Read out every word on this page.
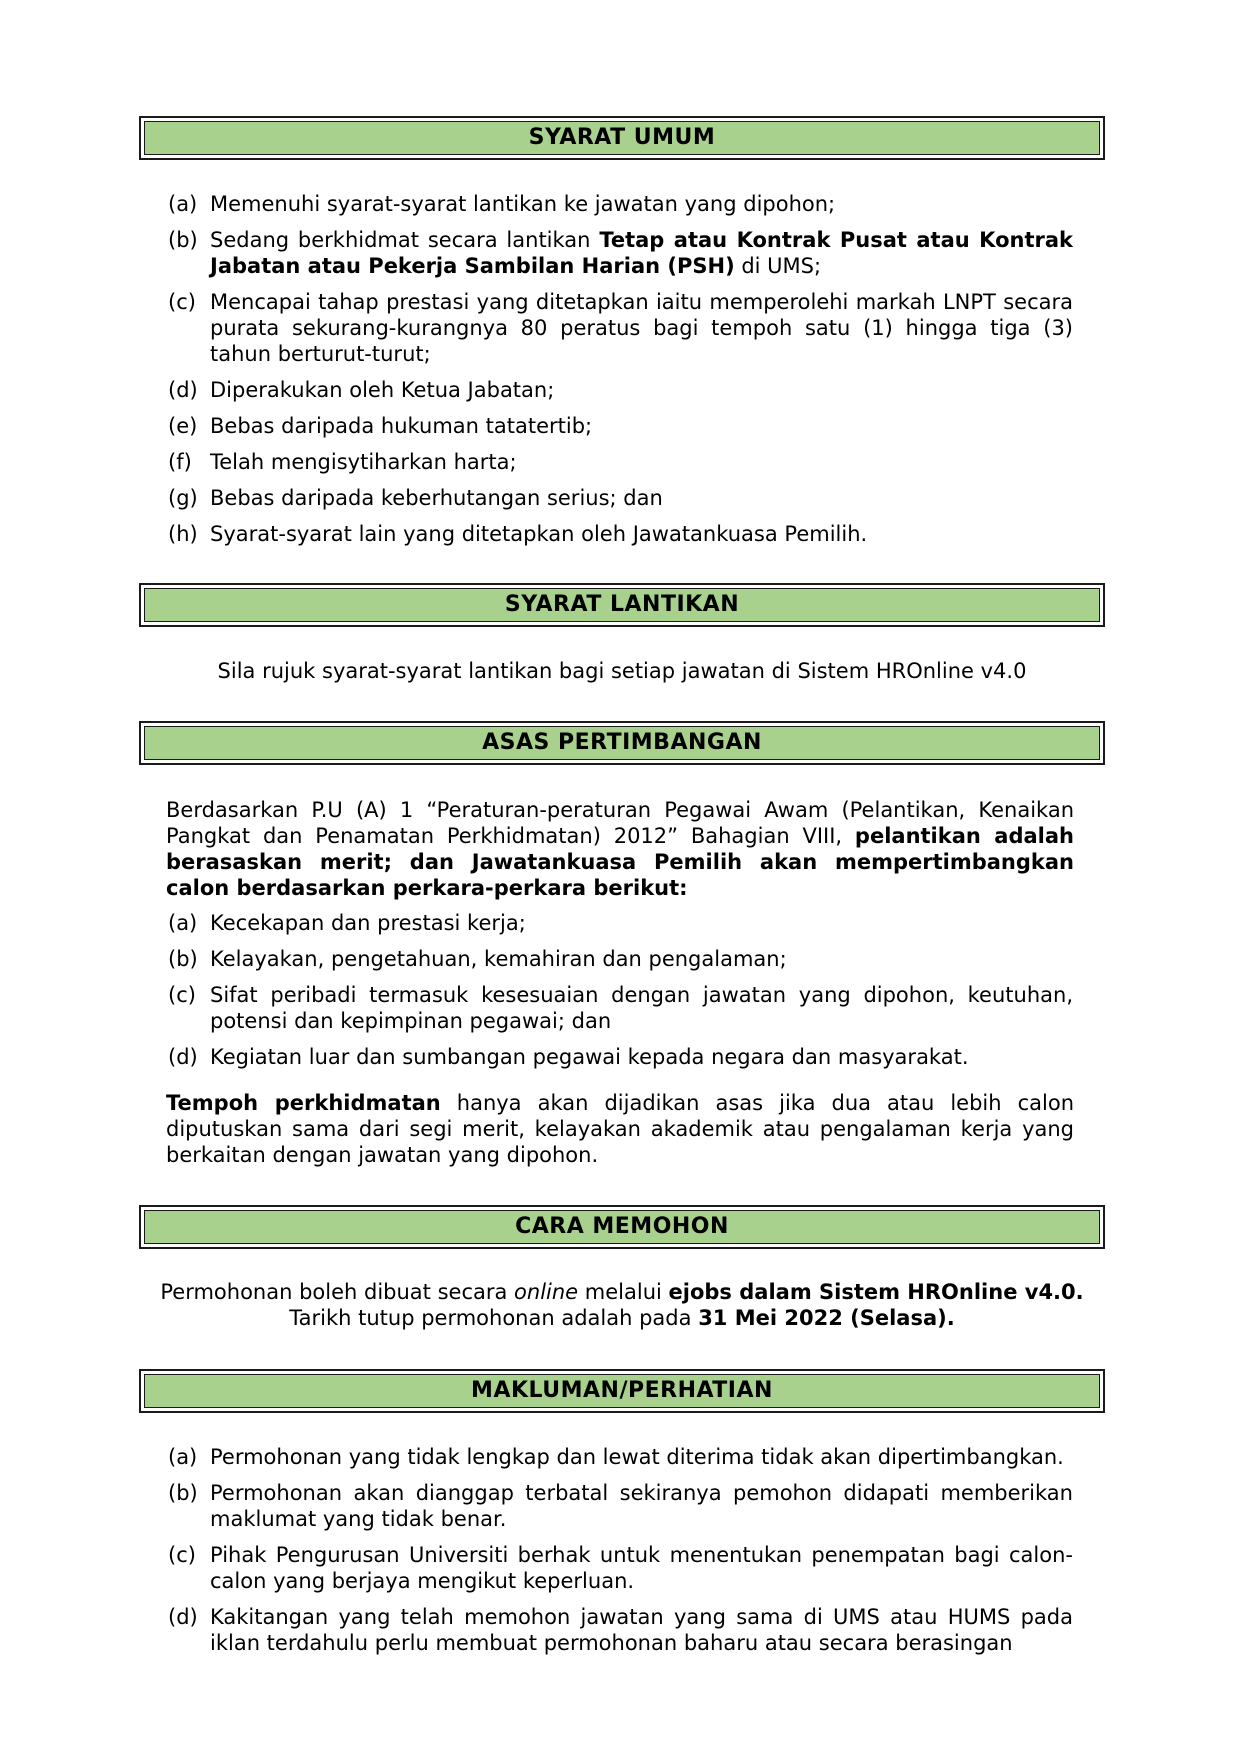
SYARAT UMUM
(a) Memenuhi syarat-syarat lantikan ke jawatan yang dipohon;
(b) Sedang berkhidmat secara lantikan Tetap atau Kontrak Pusat atau Kontrak Jabatan atau Pekerja Sambilan Harian (PSH) di UMS;
(c) Mencapai tahap prestasi yang ditetapkan iaitu memperolehi markah LNPT secara purata sekurang-kurangnya 80 peratus bagi tempoh satu (1) hingga tiga (3) tahun berturut-turut;
(d) Diperakukan oleh Ketua Jabatan;
(e) Bebas daripada hukuman tatatertib;
(f) Telah mengisytiharkan harta;
(g) Bebas daripada keberhutangan serius; dan
(h) Syarat-syarat lain yang ditetapkan oleh Jawatankuasa Pemilih.
SYARAT LANTIKAN

Sila rujuk syarat-syarat lantikan bagi setiap jawatan di Sistem HROnline v4.0

ASAS PERTIMBANGAN

Berdasarkan P.U (A) 1 “Peraturan-peraturan Pegawai Awam (Pelantikan, Kenaikan Pangkat dan Penamatan Perkhidmatan) 2012” Bahagian VIII, pelantikan adalah berasaskan merit; dan Jawatankuasa Pemilih akan mempertimbangkan calon berdasarkan perkara-perkara berikut:

(a) Kecekapan dan prestasi kerja;
(b) Kelayakan, pengetahuan, kemahiran dan pengalaman;
(c) Sifat peribadi termasuk kesesuaian dengan jawatan yang dipohon, keutuhan, potensi dan kepimpinan pegawai; dan
(d) Kegiatan luar dan sumbangan pegawai kepada negara dan masyarakat.

Tempoh perkhidmatan hanya akan dijadikan asas jika dua atau lebih calon diputuskan sama dari segi merit, kelayakan akademik atau pengalaman kerja yang berkaitan dengan jawatan yang dipohon.

CARA MEMOHON

Permohonan boleh dibuat secara online melalui ejobs dalam Sistem HROnline v4.0.

Tarikh tutup permohonan adalah pada 31 Mei 2022 (Selasa).

MAKLUMAN/PERHATIAN
(a) Permohonan yang tidak lengkap dan lewat diterima tidak akan dipertimbangkan.
(b) Permohonan akan dianggap terbatal sekiranya pemohon didapati memberikan maklumat yang tidak benar.
(c) Pihak Pengurusan Universiti berhak untuk menentukan penempatan bagi calon-calon yang berjaya mengikut keperluan.
(d) Kakitangan yang telah memohon jawatan yang sama di UMS atau HUMS pada iklan terdahulu perlu membuat permohonan baharu atau secara berasingan
